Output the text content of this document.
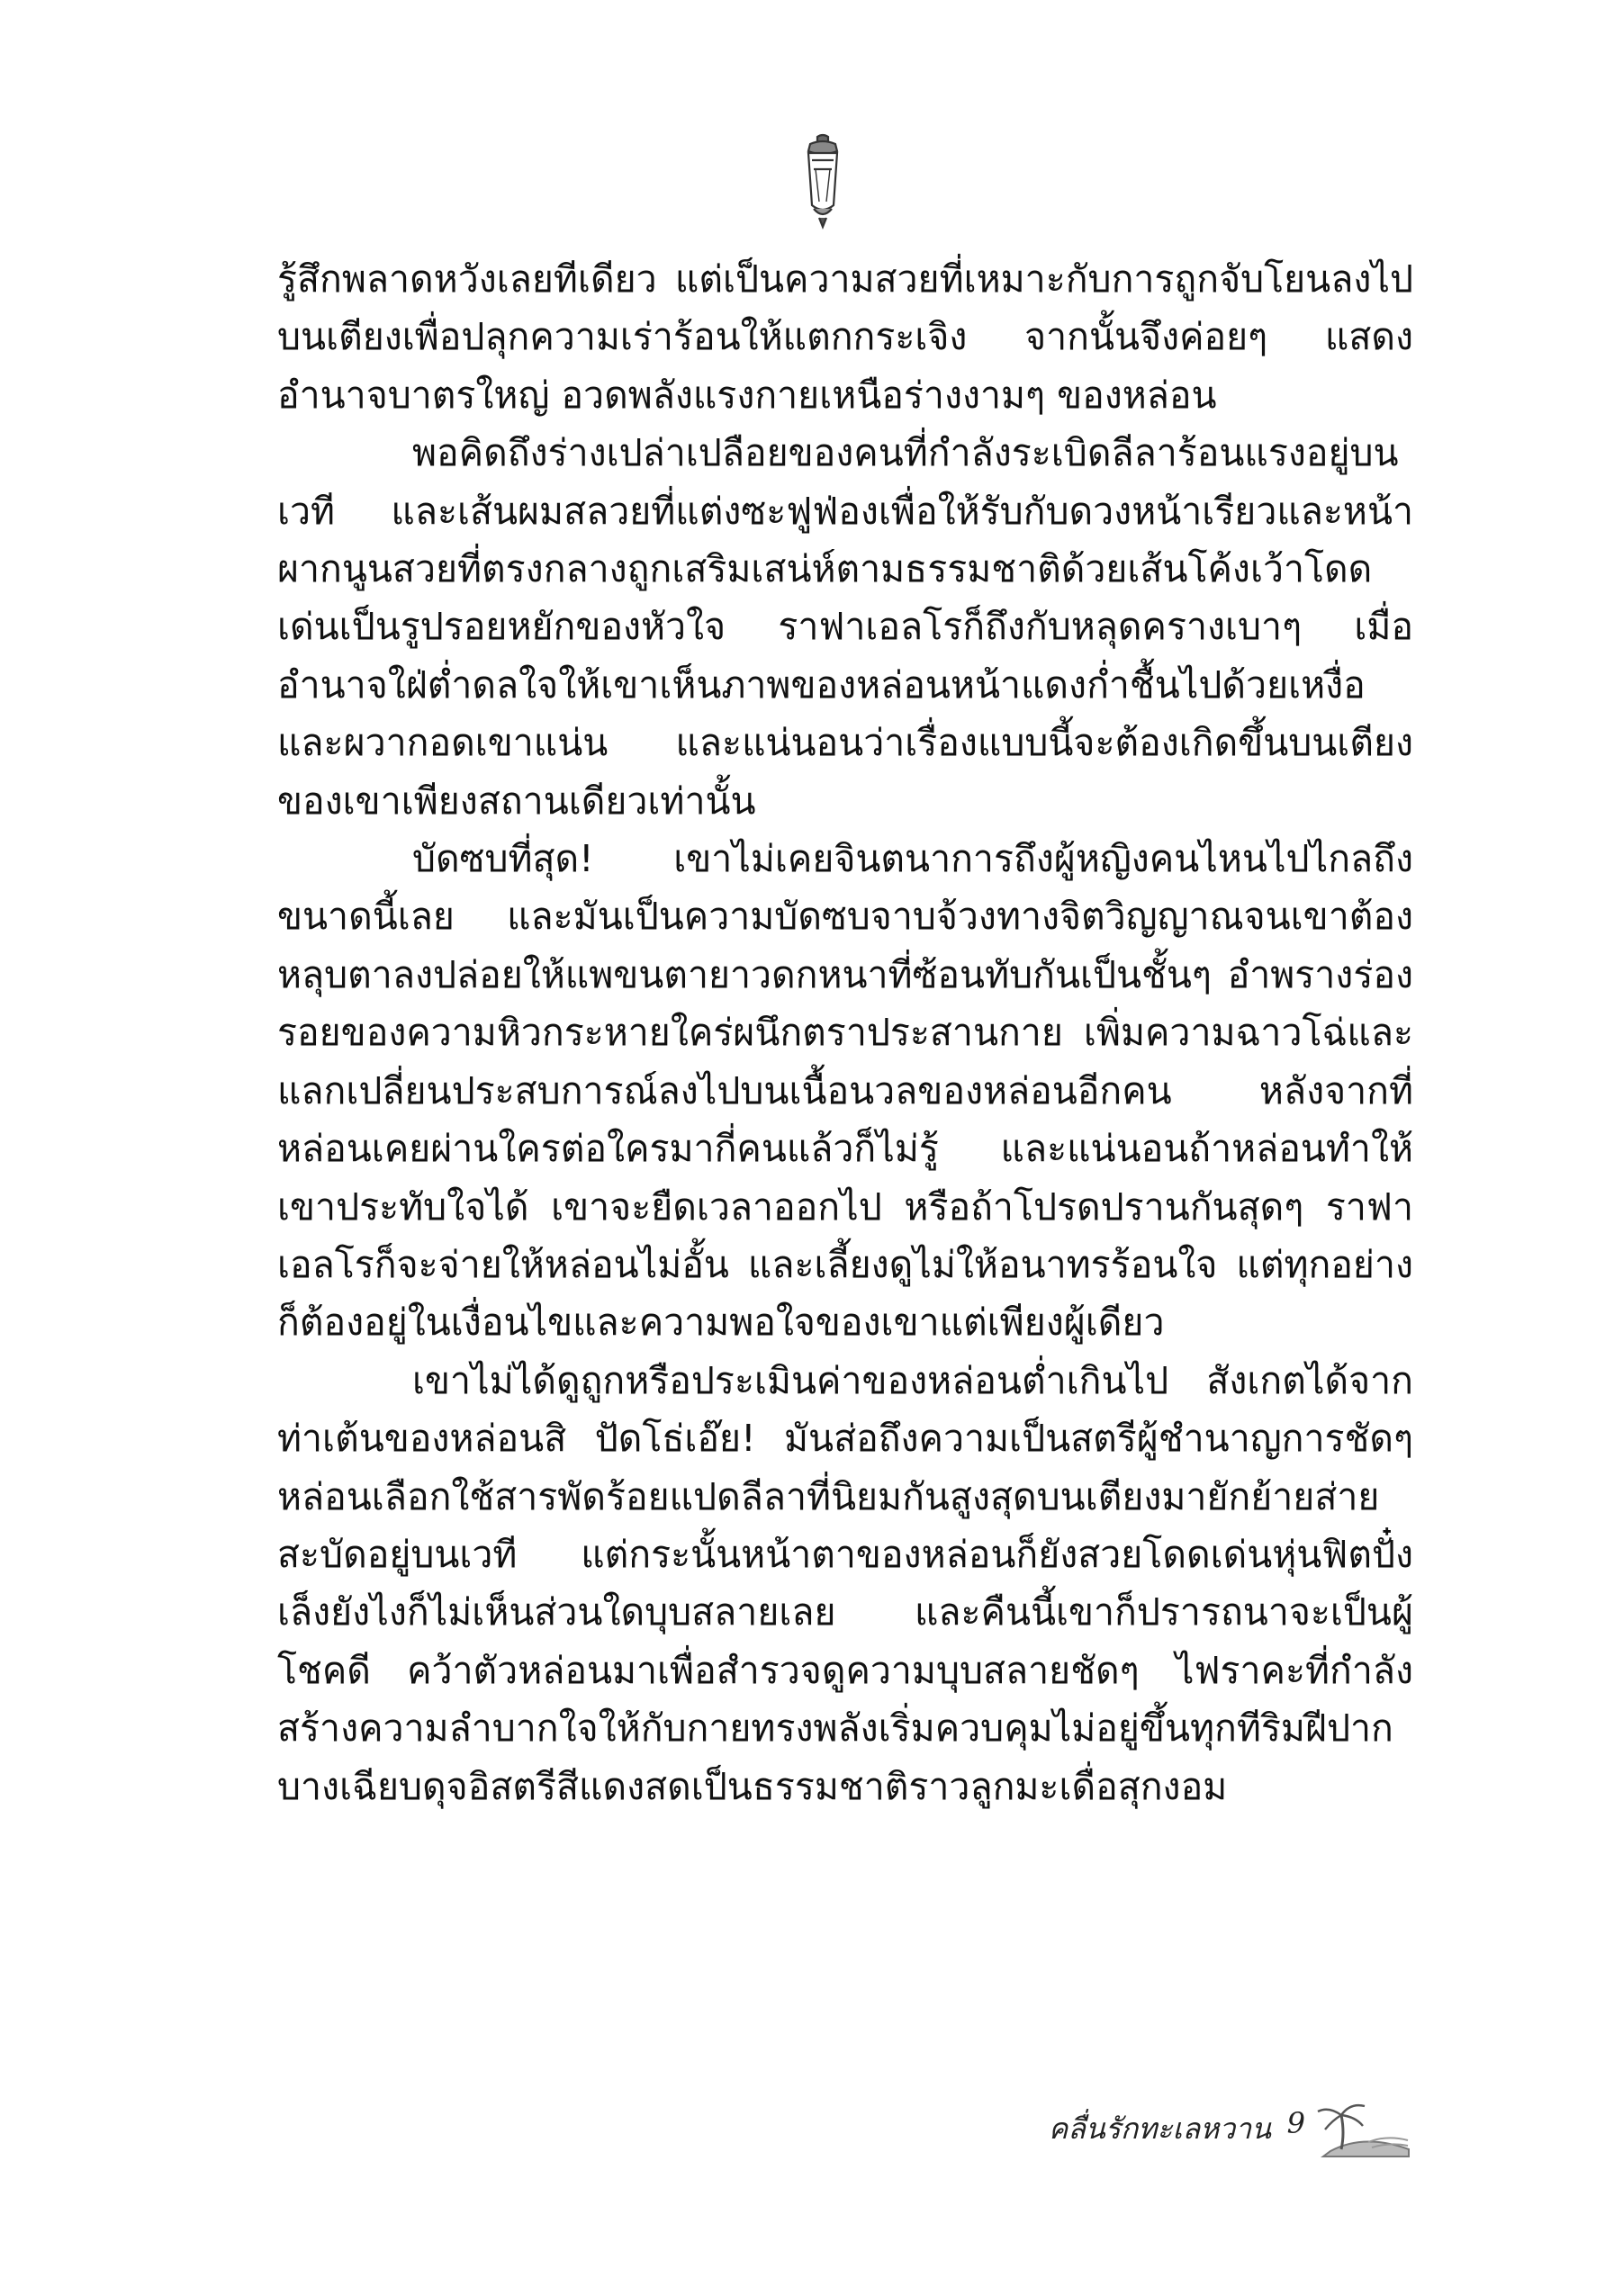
รู้สึกพลาดหวังเลยทีเดียว แต่เป็นความสวยที่เหมาะกับการถูกจับโยนลงไปบนเตียงเพื่อปลุกความเร่าร้อนให้แตกกระเจิง จากนั้นจึงค่อยๆ แสดงอำนาจบาตรใหญ่ อวดพลังแรงกายเหนือร่างงามๆ ของหล่อน

พอคิดถึงร่างเปล่าเปลือยของคนที่กำลังระเบิดลีลาร้อนแรงอยู่บนเวที และเส้นผมสลวยที่แต่งซะฟูฟ่องเพื่อให้รับกับดวงหน้าเรียวและหน้าผากนูนสวยที่ตรงกลางถูกเสริมเสน่ห์ตามธรรมชาติด้วยเส้นโค้งเว้าโดดเด่นเป็นรูปรอยหยักของหัวใจ ราฟาเอลโรก็ถึงกับหลุดครางเบาๆ เมื่ออำนาจใฝ่ต่ำดลใจให้เขาเห็นภาพของหล่อนหน้าแดงก่ำชื้นไปด้วยเหงื่อและผวากอดเขาแน่น และแน่นอนว่าเรื่องแบบนี้จะต้องเกิดขึ้นบนเตียงของเขาเพียงสถานเดียวเท่านั้น

บัดซบที่สุด! เขาไม่เคยจินตนาการถึงผู้หญิงคนไหนไปไกลถึงขนาดนี้เลย และมันเป็นความบัดซบจาบจ้วงทางจิตวิญญาณจนเขาต้องหลุบตาลงปล่อยให้แพขนตายาวดกหนาที่ซ้อนทับกันเป็นชั้นๆ อำพรางร่องรอยของความหิวกระหายใคร่ผนึกตราประสานกาย เพิ่มความฉาวโฉ่และแลกเปลี่ยนประสบการณ์ลงไปบนเนื้อนวลของหล่อนอีกคน หลังจากที่หล่อนเคยผ่านใครต่อใครมากี่คนแล้วก็ไม่รู้ และแน่นอนถ้าหล่อนทำให้เขาประทับใจได้ เขาจะยืดเวลาออกไป หรือถ้าโปรดปรานกันสุดๆ ราฟาเอลโรก็จะจ่ายให้หล่อนไม่อั้น และเลี้ยงดูไม่ให้อนาทรร้อนใจ แต่ทุกอย่างก็ต้องอยู่ในเงื่อนไขและความพอใจของเขาแต่เพียงผู้เดียว

เขาไม่ได้ดูถูกหรือประเมินค่าของหล่อนต่ำเกินไป สังเกตได้จากท่าเต้นของหล่อนสิ ปัดโธ่เอ๊ย! มันส่อถึงความเป็นสตรีผู้ชำนาญการชัดๆ หล่อนเลือกใช้สารพัดร้อยแปดลีลาที่นิยมกันสูงสุดบนเตียงมายักย้ายส่ายสะบัดอยู่บนเวที แต่กระนั้นหน้าตาของหล่อนก็ยังสวยโดดเด่นหุ่นฟิตปั๋ง เล็งยังไงก็ไม่เห็นส่วนใดบุบสลายเลย และคืนนี้เขาก็ปรารถนาจะเป็นผู้โชคดี คว้าตัวหล่อนมาเพื่อสำรวจดูความบุบสลายชัดๆ ไฟราคะที่กำลังสร้างความลำบากใจให้กับกายทรงพลังเริ่มควบคุมไม่อยู่ขึ้นทุกทีริมฝีปากบางเฉียบดุจอิสตรีสีแดงสดเป็นธรรมชาติราวลูกมะเดื่อสุกงอม

คลื่นรักทะเลหวาน 9
